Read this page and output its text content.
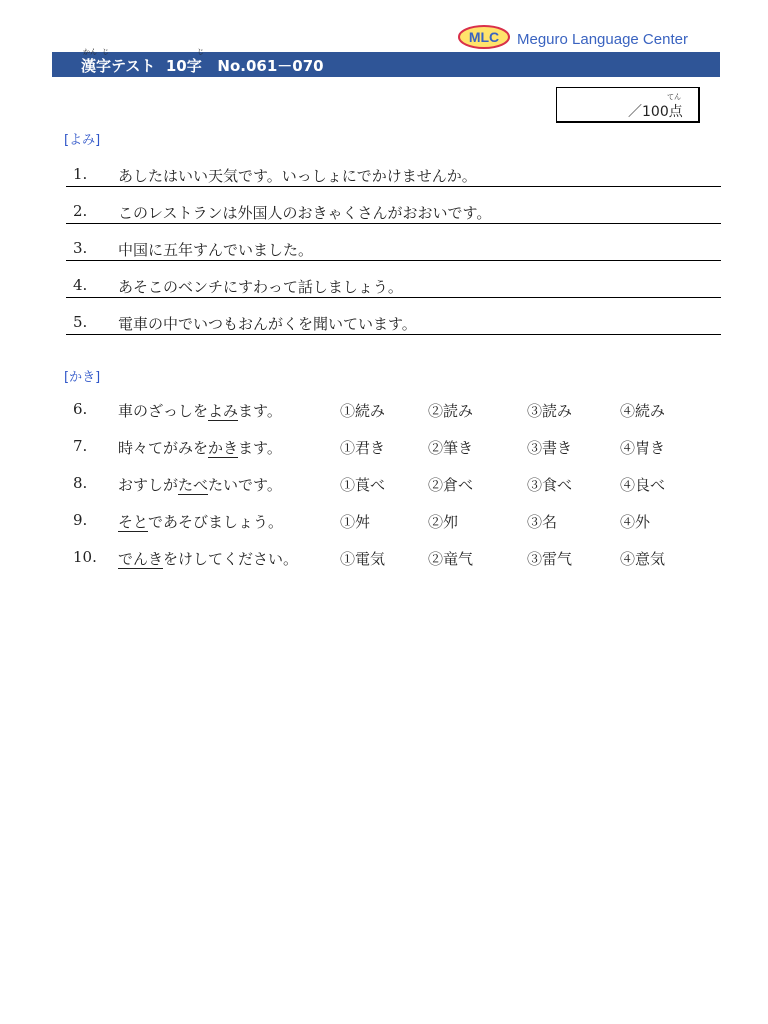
MLC Meguro Language Center
かん じ	じ
漢字テスト  10字   No.061－070
てん
／100点
[よみ]
1. あしたはいい天気です。いっしょにでかけませんか。
2. このレストランは外国人のおきゃくさんがおおいです。
3. 中国に五年すんでいました。
4. あそこのベンチにすわって話しましょう。
5. 電車の中でいつもおんがくを聞いています。
[かき]
6. 車のざっしをよみます。	①続み	②読み	③読み	④続み
7. 時々てがみをかきます。	①君き	②筆き	③書き	④冑き
8. おすしがたべたいです。	①莨べ	②倉べ	③食べ	④良べ
9. そとであそびましょう。	①舛	②夘	③名	④外
10. でんきをけしてください。	①電気	②竜气	③雷气	④意気
